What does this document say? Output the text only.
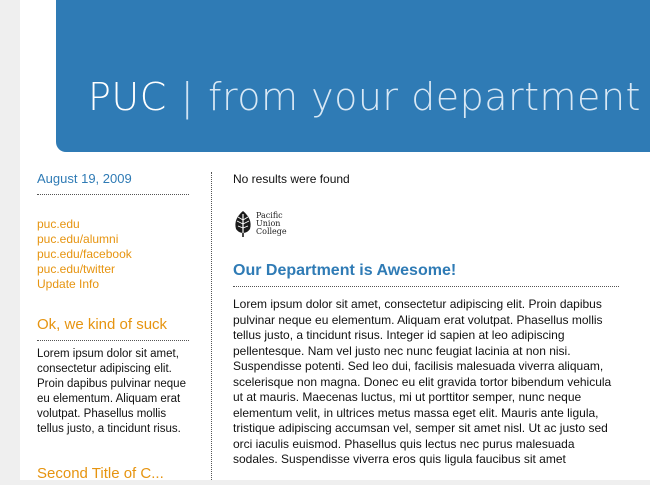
PUC | from your department
August 19, 2009
puc.edu
puc.edu/alumni
puc.edu/facebook
puc.edu/twitter
Update Info
Ok, we kind of suck
Lorem ipsum dolor sit amet, consectetur adipiscing elit. Proin dapibus pulvinar neque eu elementum. Aliquam erat volutpat. Phasellus mollis tellus justo, a tincidunt risus.
Second Title of C...
No results were found
Pacific
Union
College
Our Department is Awesome!
Lorem ipsum dolor sit amet, consectetur adipiscing elit. Proin dapibus pulvinar neque eu elementum. Aliquam erat volutpat. Phasellus mollis tellus justo, a tincidunt risus. Integer id sapien at leo adipiscing pellentesque. Nam vel justo nec nunc feugiat lacinia at non nisi. Suspendisse potenti. Sed leo dui, facilisis malesuada viverra aliquam, scelerisque non magna. Donec eu elit gravida tortor bibendum vehicula ut at mauris. Maecenas luctus, mi ut porttitor semper, nunc neque elementum velit, in ultrices metus massa eget elit. Mauris ante ligula, tristique adipiscing accumsan vel, semper sit amet nisl. Ut ac justo sed orci iaculis euismod. Phasellus quis lectus nec purus malesuada sodales. Suspendisse viverra eros quis ligula faucibus sit amet
